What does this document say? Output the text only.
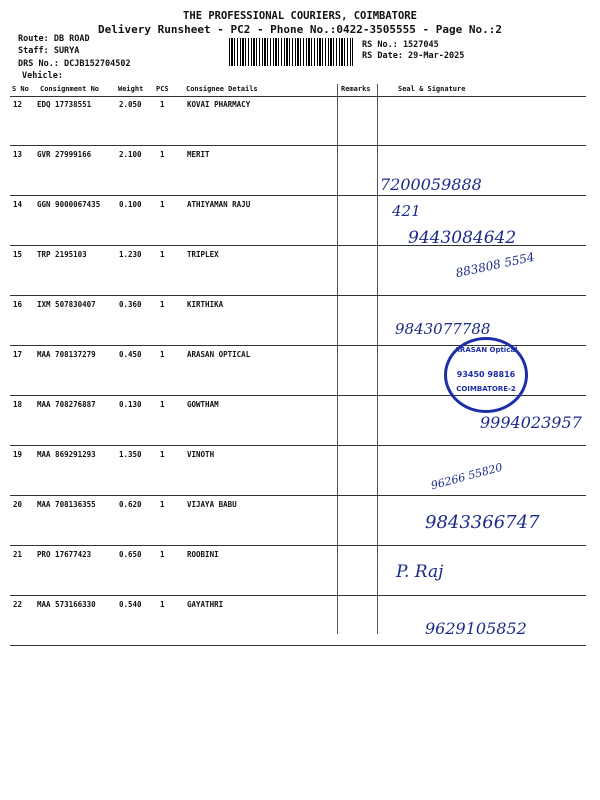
THE PROFESSIONAL COURIERS, COIMBATORE
Delivery Runsheet - PC2 - Phone No.:0422-3505555 - Page No.:2
Route: DB ROAD
Staff: SURYA
DRS No.: DCJB152704502
Vehicle:
RS No.: 1527045
RS Date: 29-Mar-2025
S No Consignment No	Weight PCS Consignee Details	Remarks	Seal & Signature
12 EDQ 17738551	2.050 1	KOVAI PHARMACY
13 GVR 27999166	2.100 1	MERIT
14 GGN 9000067435	0.100 1	ATHIYAMAN RAJU
15 TRP 2195103	1.230 1	TRIPLEX
16 IXM 507830407	0.360 1	KIRTHIKA
17 MAA 708137279	0.450 1	ARASAN OPTICAL
18 MAA 708276887	0.130 1	GOWTHAM
19 MAA 869291293	1.350 1	VINOTH
20 MAA 708136355	0.620 1	VIJAYA BABU
21 PRO 17677423	0.650 1	ROOBINI
22 MAA 573166330	0.540 1	GAYATHRI
7200059888
421
9443084642
883808 5554
9843077788
9994023957
96266 55820
9843366747
P. Raj
9629105852
ARASAN Optical
93450 98816
COIMBATORE-2
